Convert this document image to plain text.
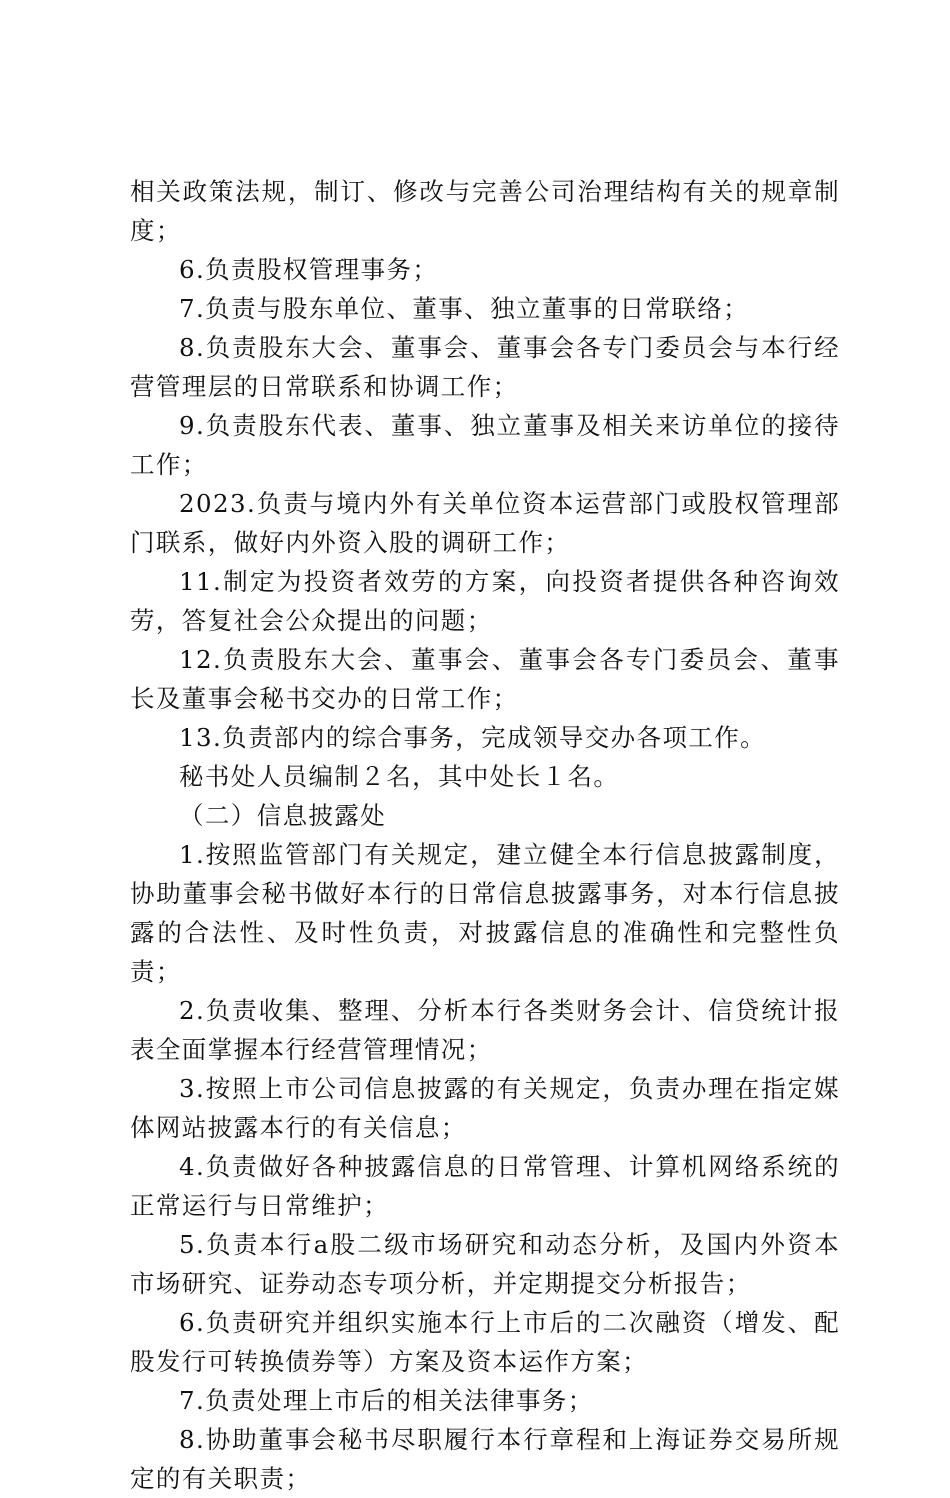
相关政策法规，制订、修改与完善公司治理结构有关的规章制度；

6.负责股权管理事务；

7.负责与股东单位、董事、独立董事的日常联络；

8.负责股东大会、董事会、董事会各专门委员会与本行经营管理层的日常联系和协调工作；

9.负责股东代表、董事、独立董事及相关来访单位的接待工作；

2023.负责与境内外有关单位资本运营部门或股权管理部门联系，做好内外资入股的调研工作；

11.制定为投资者效劳的方案，向投资者提供各种咨询效劳，答复社会公众提出的问题；

12.负责股东大会、董事会、董事会各专门委员会、董事长及董事会秘书交办的日常工作；

13.负责部内的综合事务，完成领导交办各项工作。

秘书处人员编制２名，其中处长１名。

（二）信息披露处

1.按照监管部门有关规定，建立健全本行信息披露制度，协助董事会秘书做好本行的日常信息披露事务，对本行信息披露的合法性、及时性负责，对披露信息的准确性和完整性负责；

2.负责收集、整理、分析本行各类财务会计、信贷统计报表全面掌握本行经营管理情况；

3.按照上市公司信息披露的有关规定，负责办理在指定媒体网站披露本行的有关信息；

4.负责做好各种披露信息的日常管理、计算机网络系统的正常运行与日常维护；

5.负责本行a股二级市场研究和动态分析，及国内外资本市场研究、证券动态专项分析，并定期提交分析报告；

6.负责研究并组织实施本行上市后的二次融资（增发、配股发行可转换债券等）方案及资本运作方案；

7.负责处理上市后的相关法律事务；

8.协助董事会秘书尽职履行本行章程和上海证券交易所规定的有关职责；
